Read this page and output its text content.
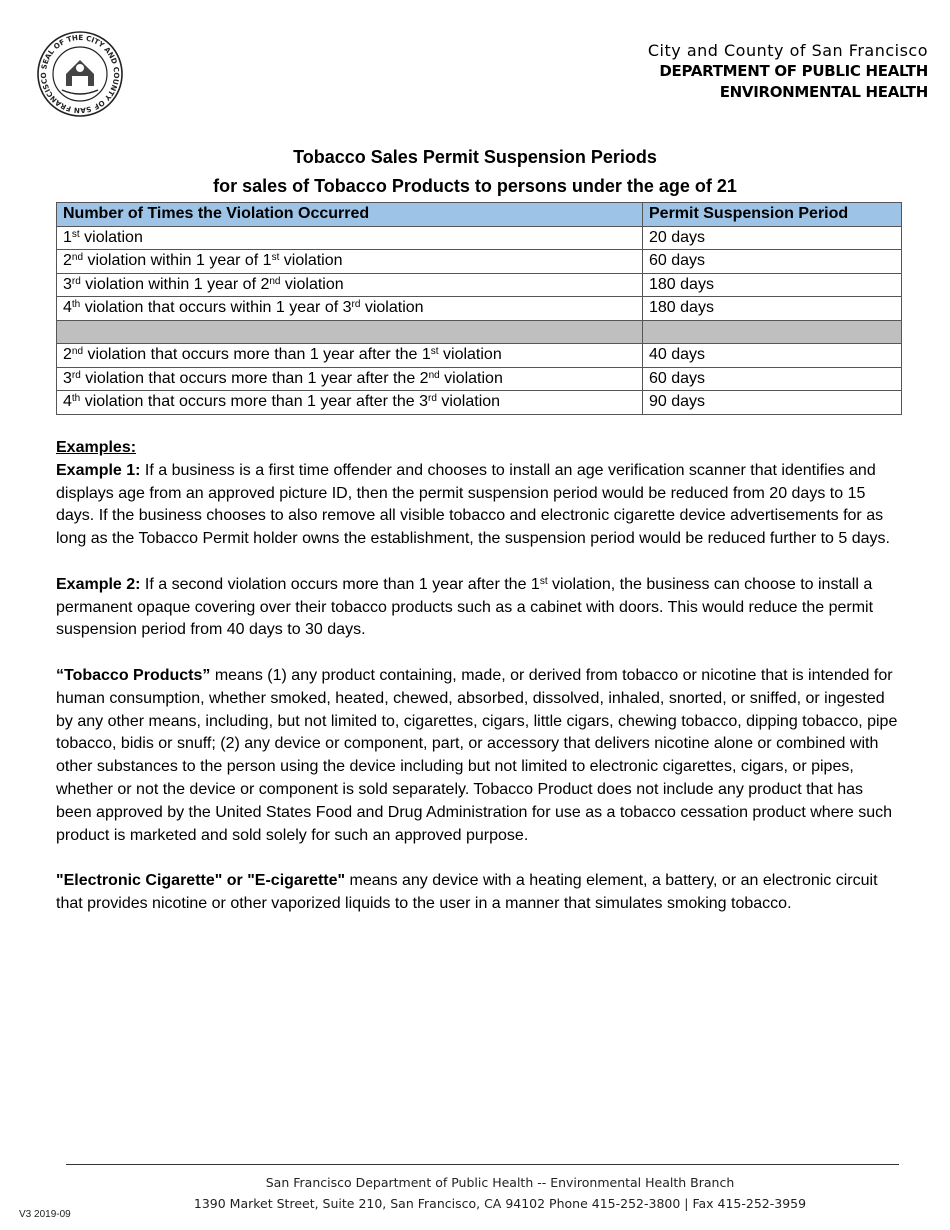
SEAL OF THE CITY AND COUNTY OF SAN FRANCISCO
City and County of San Francisco
DEPARTMENT OF PUBLIC HEALTH
ENVIRONMENTAL HEALTH
Tobacco Sales Permit Suspension Periods
for sales of Tobacco Products to persons under the age of 21
Number of Times the Violation Occurred	Permit Suspension Period
1st violation	20 days
2nd violation within 1 year of 1st violation	60 days
3rd violation within 1 year of 2nd violation	180 days
4th violation that occurs within 1 year of 3rd violation	180 days

2nd violation that occurs more than 1 year after the 1st violation	40 days
3rd violation that occurs more than 1 year after the 2nd violation	60 days
4th violation that occurs more than 1 year after the 3rd violation	90 days

Examples:

Example 1: If a business is a first time offender and chooses to install an age verification scanner that identifies and displays age from an approved picture ID, then the permit suspension period would be reduced from 20 days to 15 days. If the business chooses to also remove all visible tobacco and electronic cigarette device advertisements for as long as the Tobacco Permit holder owns the establishment, the suspension period would be reduced further to 5 days.

Example 2: If a second violation occurs more than 1 year after the 1st violation, the business can choose to install a permanent opaque covering over their tobacco products such as a cabinet with doors. This would reduce the permit suspension period from 40 days to 30 days.

“Tobacco Products” means (1) any product containing, made, or derived from tobacco or nicotine that is intended for human consumption, whether smoked, heated, chewed, absorbed, dissolved, inhaled, snorted, or sniffed, or ingested by any other means, including, but not limited to, cigarettes, cigars, little cigars, chewing tobacco, dipping tobacco, pipe tobacco, bidis or snuff; (2) any device or component, part, or accessory that delivers nicotine alone or combined with other substances to the person using the device including but not limited to electronic cigarettes, cigars, or pipes, whether or not the device or component is sold separately. Tobacco Product does not include any product that has been approved by the United States Food and Drug Administration for use as a tobacco cessation product where such product is marketed and sold solely for such an approved purpose.

"Electronic Cigarette" or "E-cigarette" means any device with a heating element, a battery, or an electronic circuit that provides nicotine or other vaporized liquids to the user in a manner that simulates smoking tobacco.

San Francisco Department of Public Health -- Environmental Health Branch
1390 Market Street, Suite 210, San Francisco, CA 94102 Phone 415-252-3800 | Fax 415-252-3959
V3 2019-09
